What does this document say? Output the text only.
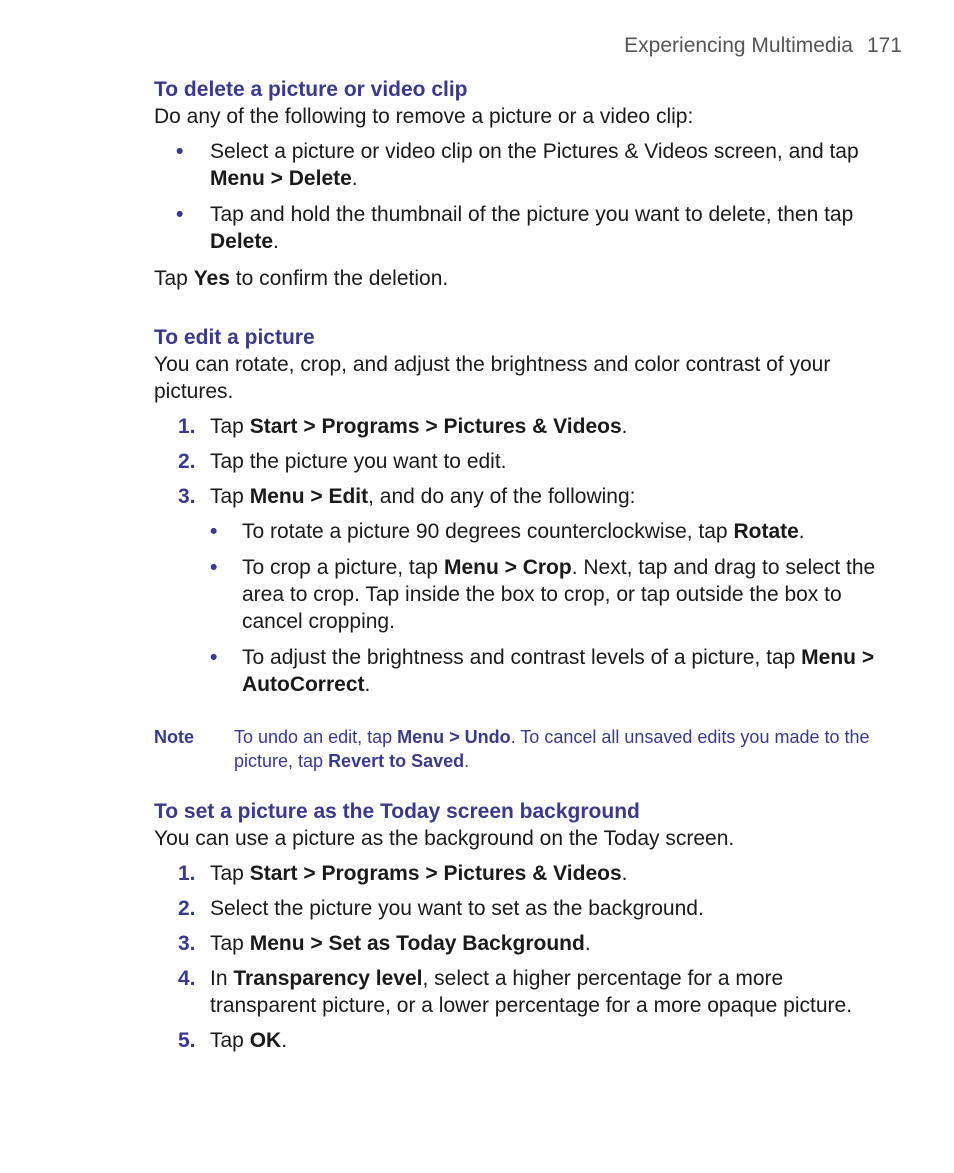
Experiencing Multimedia 171

To delete a picture or video clip

Do any of the following to remove a picture or a video clip:

• Select a picture or video clip on the Pictures & Videos screen, and tap Menu > Delete.
• Tap and hold the thumbnail of the picture you want to delete, then tap Delete.

Tap Yes to confirm the deletion.

To edit a picture

You can rotate, crop, and adjust the brightness and color contrast of your pictures.

1. Tap Start > Programs > Pictures & Videos.
2. Tap the picture you want to edit.
3. Tap Menu > Edit, and do any of the following:
• To rotate a picture 90 degrees counterclockwise, tap Rotate.
• To crop a picture, tap Menu > Crop. Next, tap and drag to select the area to crop. Tap inside the box to crop, or tap outside the box to cancel cropping.
• To adjust the brightness and contrast levels of a picture, tap Menu > AutoCorrect.
Note To undo an edit, tap Menu > Undo. To cancel all unsaved edits you made to the picture, tap Revert to Saved.

To set a picture as the Today screen background

You can use a picture as the background on the Today screen.

1. Tap Start > Programs > Pictures & Videos.
2. Select the picture you want to set as the background.
3. Tap Menu > Set as Today Background.
4. In Transparency level, select a higher percentage for a more transparent picture, or a lower percentage for a more opaque picture.
5. Tap OK.
